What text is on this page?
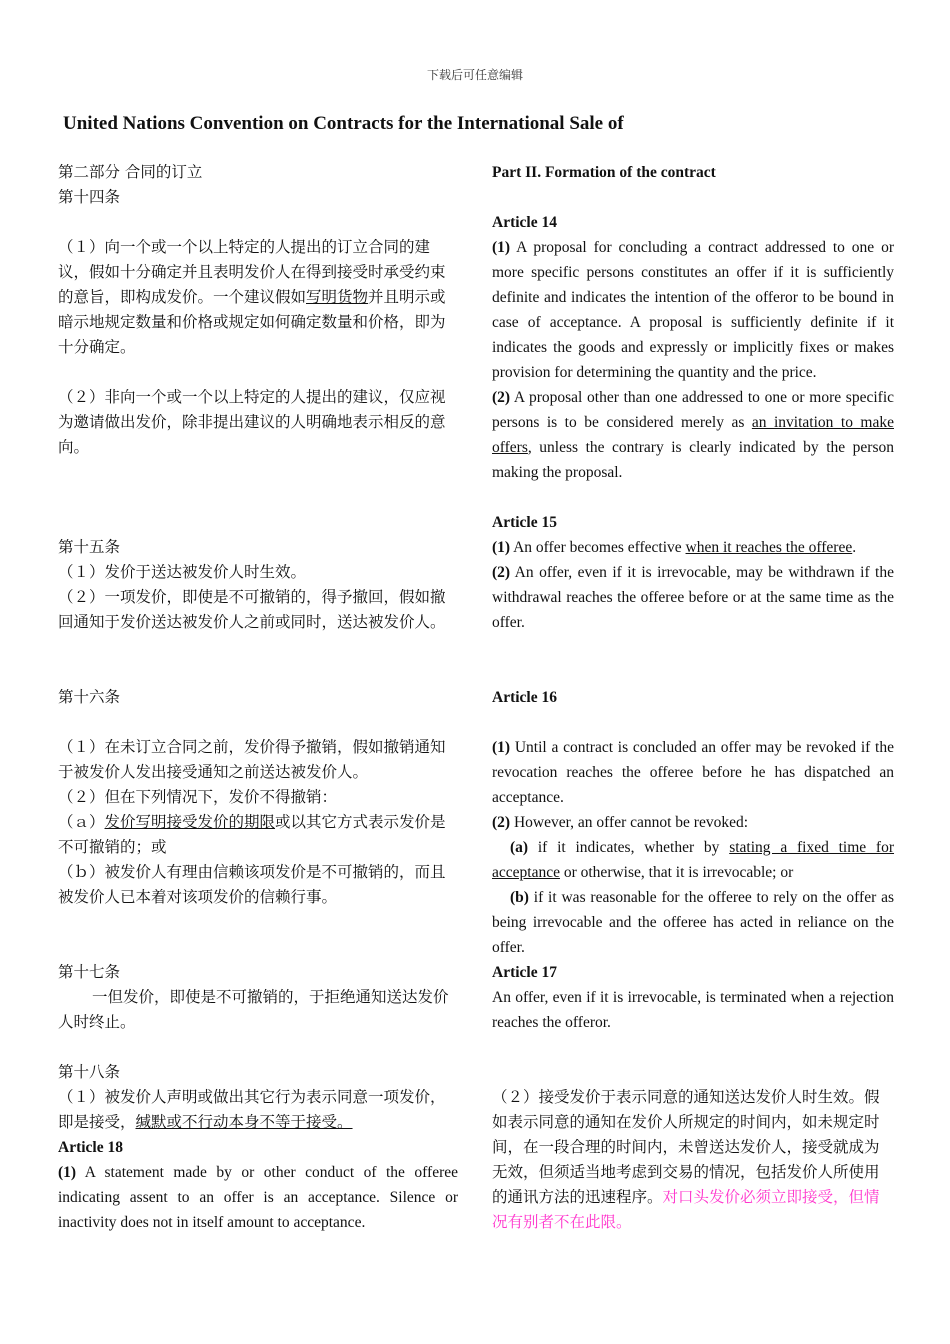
下载后可任意编辑
United Nations Convention on Contracts for the International Sale of

第二部分 合同的订立

第十四条

（１）向一个或一个以上特定的人提出的订立合同的建议，假如十分确定并且表明发价人在得到接受时承受约束的意旨，即构成发价。一个建议假如写明货物并且明示或暗示地规定数量和价格或规定如何确定数量和价格，即为十分确定。

（２）非向一个或一个以上特定的人提出的建议，仅应视为邀请做出发价，除非提出建议的人明确地表示相反的意向。

第十五条

（１）发价于送达被发价人时生效。

（２）一项发价，即使是不可撤销的，得予撤回，假如撤回通知于发价送达被发价人之前或同时，送达被发价人。

第十六条

（１）在未订立合同之前，发价得予撤销，假如撤销通知于被发价人发出接受通知之前送达被发价人。

（２）但在下列情况下，发价不得撤销：

（ａ）发价写明接受发价的期限或以其它方式表示发价是不可撤销的；或

（ｂ）被发价人有理由信赖该项发价是不可撤销的，而且被发价人已本着对该项发价的信赖行事。

第十七条

一但发价，即使是不可撤销的，于拒绝通知送达发价人时终止。

第十八条

（１）被发价人声明或做出其它行为表示同意一项发价，即是接受，缄默或不行动本身不等于接受。

Article 18

(1) A statement made by or other conduct of the offeree indicating assent to an offer is an acceptance. Silence or inactivity does not in itself amount to acceptance.

Part II. Formation of the contract

Article 14

(1) A proposal for concluding a contract addressed to one or more specific persons constitutes an offer if it is sufficiently definite and indicates the intention of the offeror to be bound in case of acceptance. A proposal is sufficiently definite if it indicates the goods and expressly or implicitly fixes or makes provision for determining the quantity and the price.

(2) A proposal other than one addressed to one or more specific persons is to be considered merely as an invitation to make offers, unless the contrary is clearly indicated by the person making the proposal.

Article 15

(1) An offer becomes effective when it reaches the offeree.

(2) An offer, even if it is irrevocable, may be withdrawn if the withdrawal reaches the offeree before or at the same time as the offer.

Article 16

(1) Until a contract is concluded an offer may be revoked if the revocation reaches the offeree before he has dispatched an acceptance.

(2) However, an offer cannot be revoked:

(a) if it indicates, whether by stating a fixed time for acceptance or otherwise, that it is irrevocable; or

(b) if it was reasonable for the offeree to rely on the offer as being irrevocable and the offeree has acted in reliance on the offer.

Article 17

An offer, even if it is irrevocable, is terminated when a rejection reaches the offeror.

（２）接受发价于表示同意的通知送达发价人时生效。假如表示同意的通知在发价人所规定的时间内，如未规定时间，在一段合理的时间内，未曾送达发价人，接受就成为无效，但须适当地考虑到交易的情况，包括发价人所使用的通讯方法的迅速程序。对口头发价必须立即接受，但情况有别者不在此限。
